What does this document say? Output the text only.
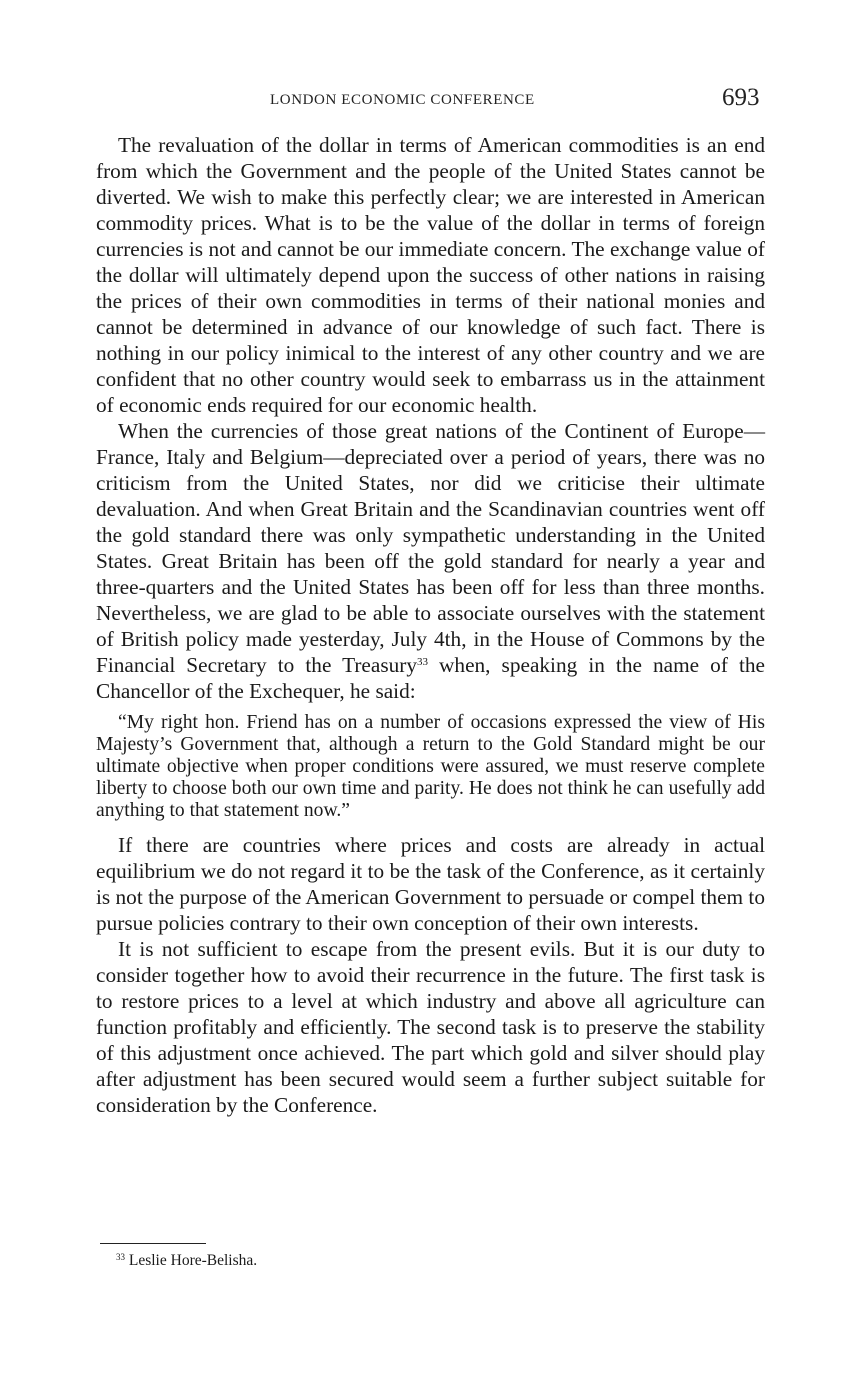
LONDON ECONOMIC CONFERENCE	693

The revaluation of the dollar in terms of American commodities is an end from which the Government and the people of the United States cannot be diverted. We wish to make this perfectly clear; we are interested in American commodity prices. What is to be the value of the dollar in terms of foreign currencies is not and cannot be our immediate concern. The exchange value of the dollar will ultimately depend upon the success of other nations in raising the prices of their own commodities in terms of their national monies and cannot be determined in advance of our knowledge of such fact. There is nothing in our policy inimical to the interest of any other country and we are confident that no other country would seek to embarrass us in the attainment of economic ends required for our economic health.

When the currencies of those great nations of the Continent of Europe—France, Italy and Belgium—depreciated over a period of years, there was no criticism from the United States, nor did we criticise their ultimate devaluation. And when Great Britain and the Scandinavian countries went off the gold standard there was only sympathetic understanding in the United States. Great Britain has been off the gold standard for nearly a year and three-quarters and the United States has been off for less than three months. Nevertheless, we are glad to be able to associate ourselves with the statement of British policy made yesterday, July 4th, in the House of Commons by the Financial Secretary to the Treasury$^{33}$ when, speaking in the name of the Chancellor of the Exchequer, he said:

“My right hon. Friend has on a number of occasions expressed the view of His Majesty’s Government that, although a return to the Gold Standard might be our ultimate objective when proper conditions were assured, we must reserve complete liberty to choose both our own time and parity. He does not think he can usefully add anything to that statement now.”

If there are countries where prices and costs are already in actual equilibrium we do not regard it to be the task of the Conference, as it certainly is not the purpose of the American Government to persuade or compel them to pursue policies contrary to their own conception of their own interests.

It is not sufficient to escape from the present evils. But it is our duty to consider together how to avoid their recurrence in the future. The first task is to restore prices to a level at which industry and above all agriculture can function profitably and efficiently. The second task is to preserve the stability of this adjustment once achieved. The part which gold and silver should play after adjustment has been secured would seem a further subject suitable for consideration by the Conference.

$^{33}$ Leslie Hore-Belisha.
